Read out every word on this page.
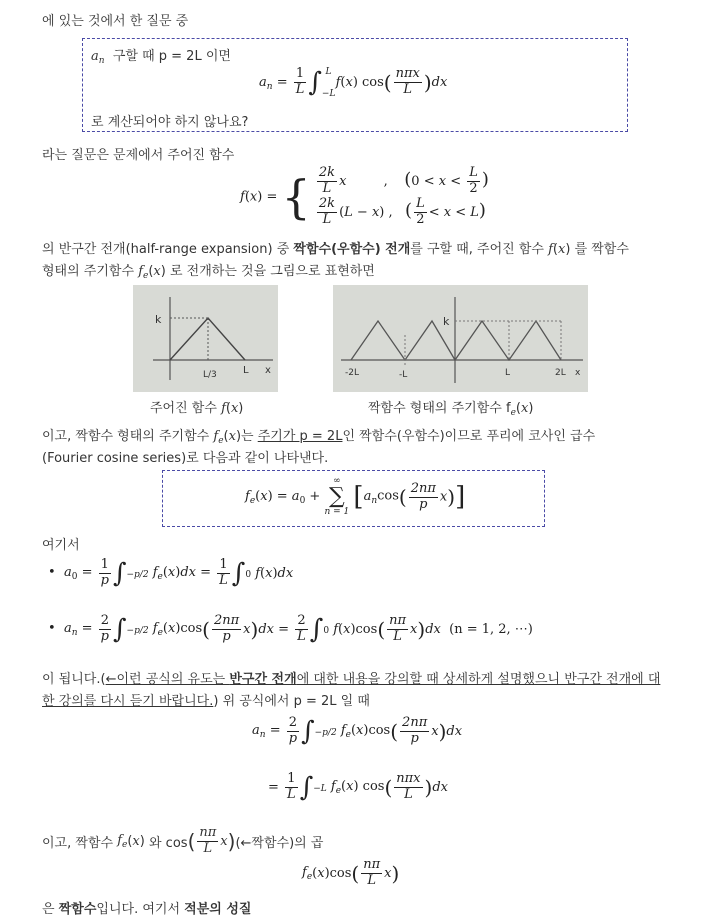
에 있는 것에서 한 질문 중
$a_n$ 구할 때 p = 2L 이면
$a_n = \frac{1}{L} \int_{-L}^L$ f(x) $\cos( \frac{\text{nπx}}{L} )dx$
로 계산되어야 하지 않나요?
라는 질문은 문제에서 주어진 함수
f(x) = { $\frac{2k}{L}$ x         ,    ($0 < x < \frac{L}{2}$ )
$\frac{2k}{L} (L - x)$ ,   ( $\frac{L}{2} < x < L$)
의 반구간 전개(half-range expansion) 중 짝함수(우함수) 전개를 구할 때, 주어진 함수 f(x) 를 짝함수
형태의 주기함수 $f_e(x)$ 로 전개하는 것을 그림으로 표현하면
k
L/3	L x
주어진 함수 f(x)
-2L	-L
k
L	2L x
짝함수 형태의 주기함수 $f_e(x)$
이고, 짝함수 형태의 주기함수 $f_e(x)$는 주기가 p = 2L인 짝함수(우함수)이므로 푸리에 코사인 급수
(Fourier cosine series)로 다음과 같이 나타낸다.
$f_e(x) = a_0$ +
∞
∑
n = 1 $[a_n\cos( \frac{2n\pi}{p} x)]$
여기서
•  $a_0 = \frac{1}{p} \int-p/2$ $f_e(x)dx = \frac{1}{L} \int 0$ f(x)dx
•  $a_n = \frac{2}{p} \int-p/2$ $f_e(x)\cos( \frac{2n\pi}{p} x)dx = \frac{2}{L} \int 0$ $f(x)\cos( \frac{n\pi}{L} x)dx$ (n = 1, 2, ⋯)
이 됩니다.(←이런 공식의 유도는 반구간 전개에 대한 내용을 강의할 때 상세하게 설명했으니 반구간 전개에 대
한 강의를 다시 듣기 바랍니다.) 위 공식에서 p = 2L 일 때
$a_n = \frac{2}{p} \int-p/2$ $f_e(x)\cos( \frac{2n\pi}{p} x)dx$
= $\frac{1}{L} \int-L$ $f_e(x)$ $\cos( \frac{\text{nπx}}{L} )dx$
이고, 짝함수 $f_e(x)$ 와 $\cos( \frac{n\pi}{L}$ x)(←짝함수)의 곱
$f_e(x)\cos( \frac{n\pi}{L} x)$
은 짝함수입니다. 여기서 적분의 성질
